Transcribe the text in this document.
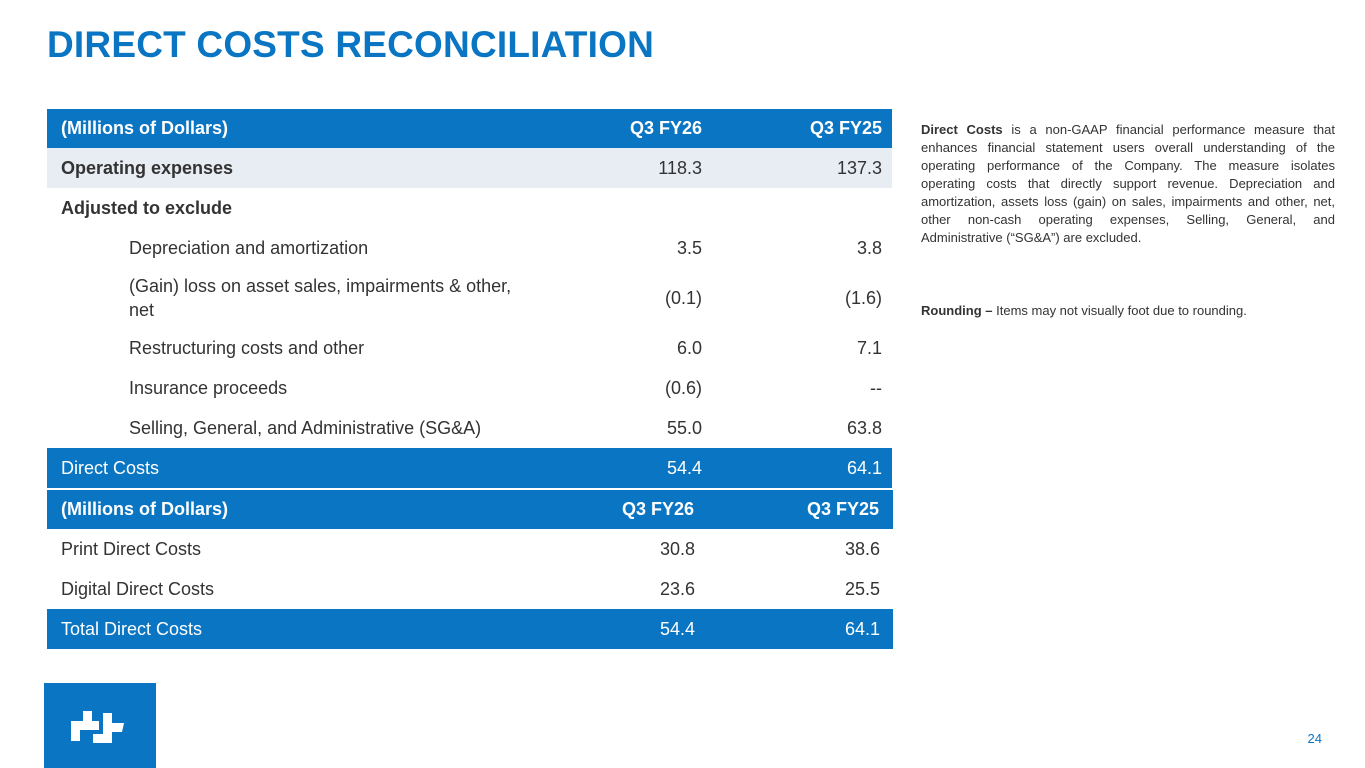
DIRECT COSTS RECONCILIATION
(Millions of Dollars)	Q3 FY26	Q3 FY25
Operating expenses	118.3	137.3
Adjusted to exclude		
Depreciation and amortization	3.5	3.8

(Gain) loss on asset sales, impairments & other, net	(0.1)	(1.6)
Restructuring costs and other	6.0	7.1
Insurance proceeds	(0.6)	--
Selling, General, and Administrative (SG&A)	55.0	63.8
Direct Costs	54.4	64.1
(Millions of Dollars)	Q3 FY26	Q3 FY25
Print Direct Costs	30.8	38.6
Digital Direct Costs	23.6	25.5
Total Direct Costs	54.4	64.1
Direct Costs is a non-GAAP financial performance measure that enhances financial statement users overall understanding of the operating performance of the Company. The measure isolates operating costs that directly support revenue. Depreciation and amortization, assets loss (gain) on sales, impairments and other, net, other non-cash operating expenses, Selling, General, and Administrative (“SG&A”) are excluded.
Rounding – Items may not visually foot due to rounding.
24
